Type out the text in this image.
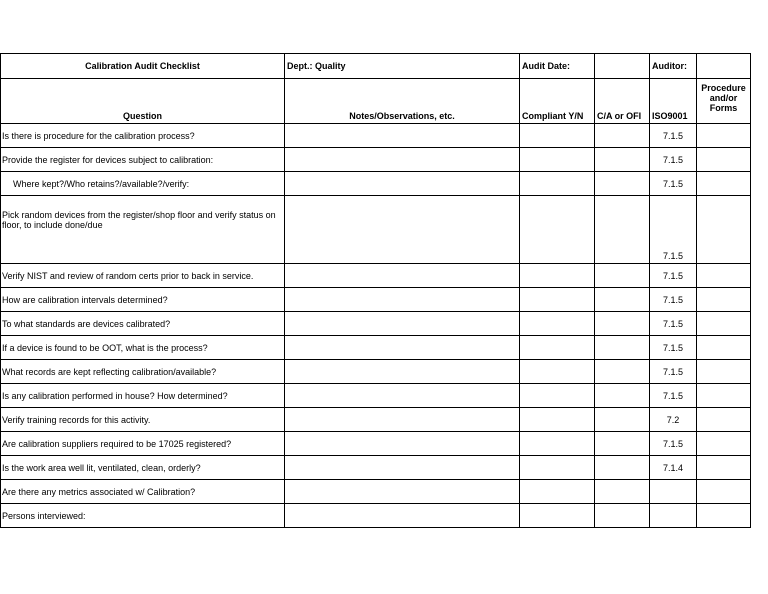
Calibration Audit Checklist	Dept.: Quality	Audit Date:		Auditor:	
Question	Notes/Observations, etc.	Compliant Y/N	C/A or OFI	ISO9001	Procedure and/or Forms
Is there is procedure for the calibration process?				7.1.5	
Provide the register for devices subject to calibration:				7.1.5	
Where kept?/Who retains?/available?/verify:				7.1.5	
Pick random devices from the register/shop floor and verify status on floor, to include done/due				7.1.5	
Verify NIST and review of random certs prior to back in service.				7.1.5	
How are calibration intervals determined?				7.1.5	
To what standards are devices calibrated?				7.1.5	
If a device is found to be OOT, what is the process?				7.1.5	
What records are kept reflecting calibration/available?				7.1.5	
Is any calibration performed in house? How determined?				7.1.5	
Verify training records for this activity.				7.2	
Are calibration suppliers required to be 17025 registered?				7.1.5	
Is the work area well lit, ventilated, clean, orderly?				7.1.4	
Are there any metrics associated w/ Calibration?					
Persons interviewed:					
